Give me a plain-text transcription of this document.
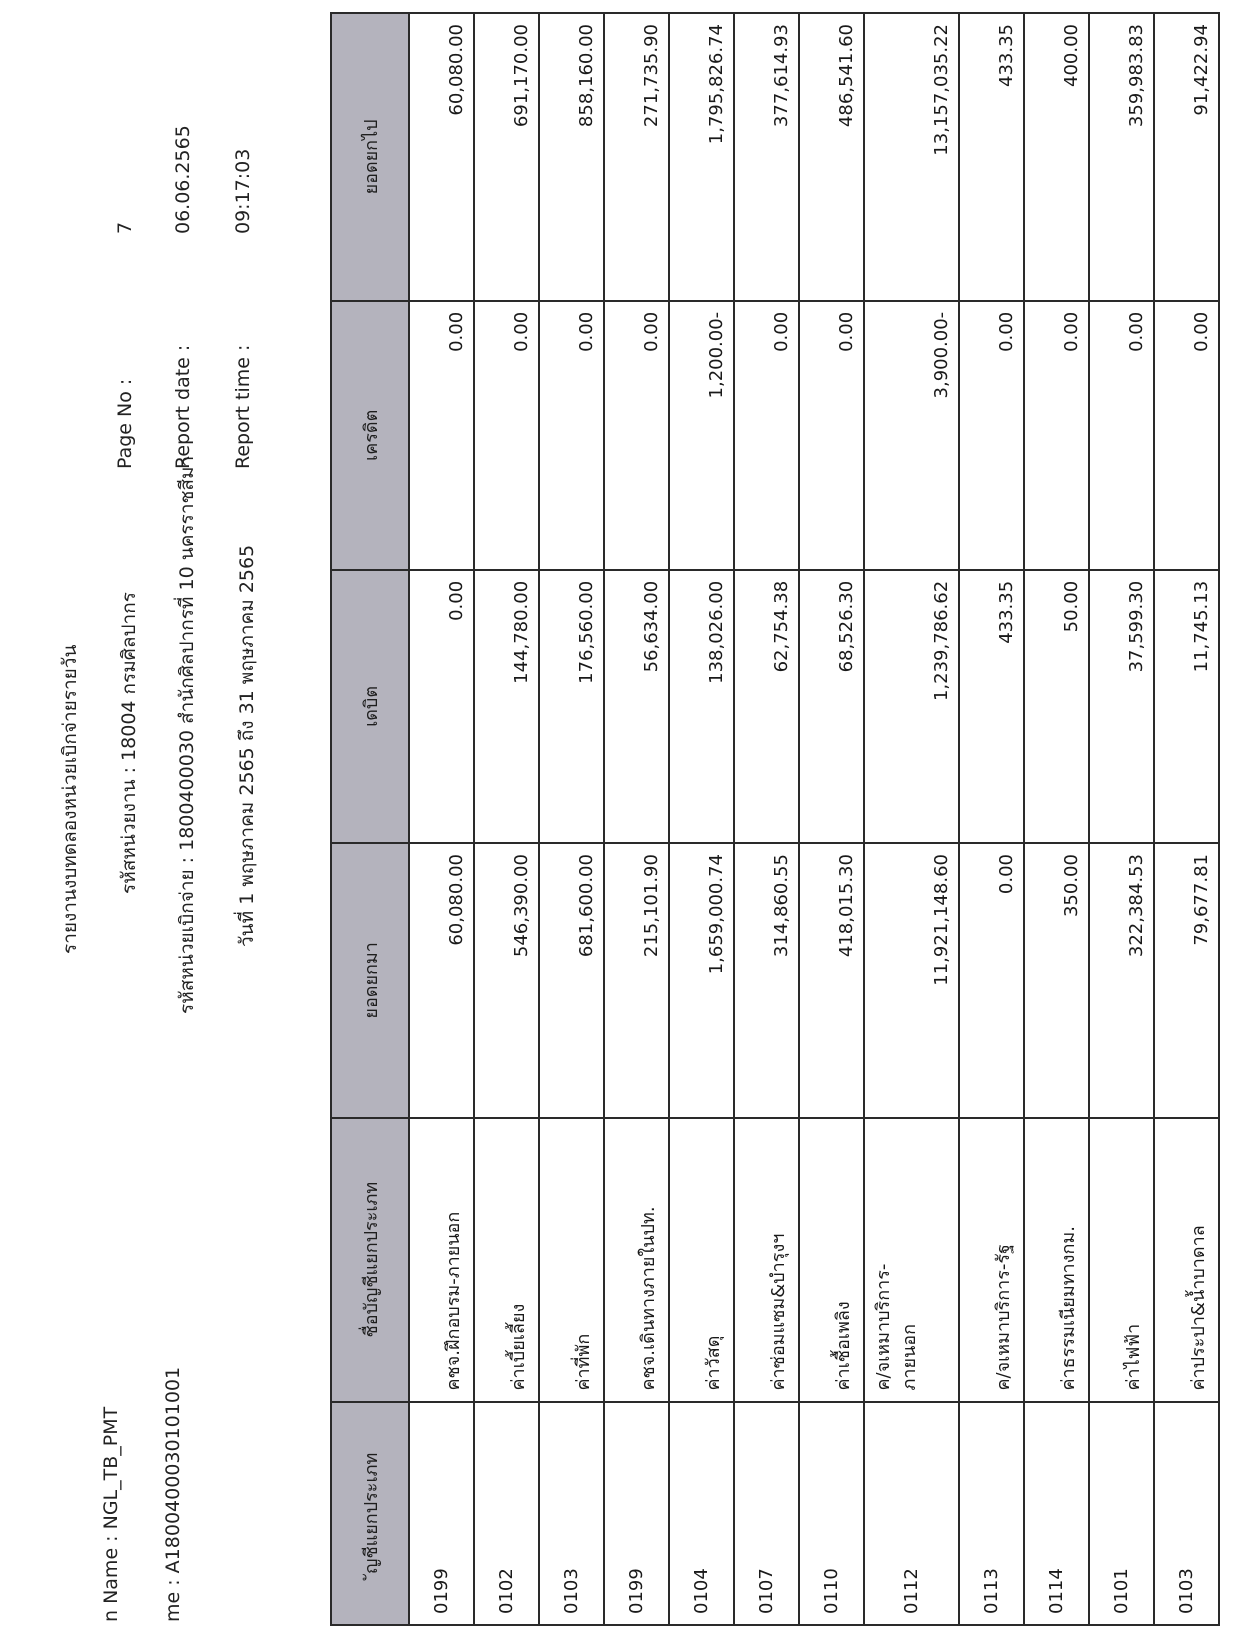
n Name : NGL_TB_PMT me : A1800400030101001
รายงานงบทดลองหน่วยเบิกจ่ายรายวัน รหัสหน่วยงาน : 18004 กรมศิลปากร รหัสหน่วยเบิกจ่าย : 1800400030 สำนักศิลปากรที่ 10 นครราชสีมา วันที่ 1 พฤษภาคม 2565 ถึง 31 พฤษภาคม 2565
Page No :
7
Report date :
06.06.2565
Report time :
09:17:03
ัญชีแยกประเภท	ชื่อบัญชีแยกประเภท	ยอดยกมา	เดบิต	เครดิต	ยอดยกไป
0199	คชจ.ฝึกอบรม-ภายนอก	60,080.00	0.00	0.00	60,080.00
0102	ค่าเบี้ยเลี้ยง	546,390.00	144,780.00	0.00	691,170.00
0103	ค่าที่พัก	681,600.00	176,560.00	0.00	858,160.00
0199	คชจ.เดินทางภายในปท.	215,101.90	56,634.00	0.00	271,735.90
0104	ค่าวัสดุ	1,659,000.74	138,026.00	1,200.00-	1,795,826.74
0107	ค่าซ่อมแซม&บำรุงฯ	314,860.55	62,754.38	0.00	377,614.93
0110	ค่าเชื้อเพลิง	418,015.30	68,526.30	0.00	486,541.60
0112	ค/จเหมาบริการ- ภายนอก	11,921,148.60	1,239,786.62	3,900.00-	13,157,035.22
0113	ค/จเหมาบริการ-รัฐ	0.00	433.35	0.00	433.35
0114	ค่าธรรมเนียมทางกม.	350.00	50.00	0.00	400.00
0101	ค่าไฟฟ้า	322,384.53	37,599.30	0.00	359,983.83
0103	ค่าประปา&น้ำบาดาล	79,677.81	11,745.13	0.00	91,422.94
